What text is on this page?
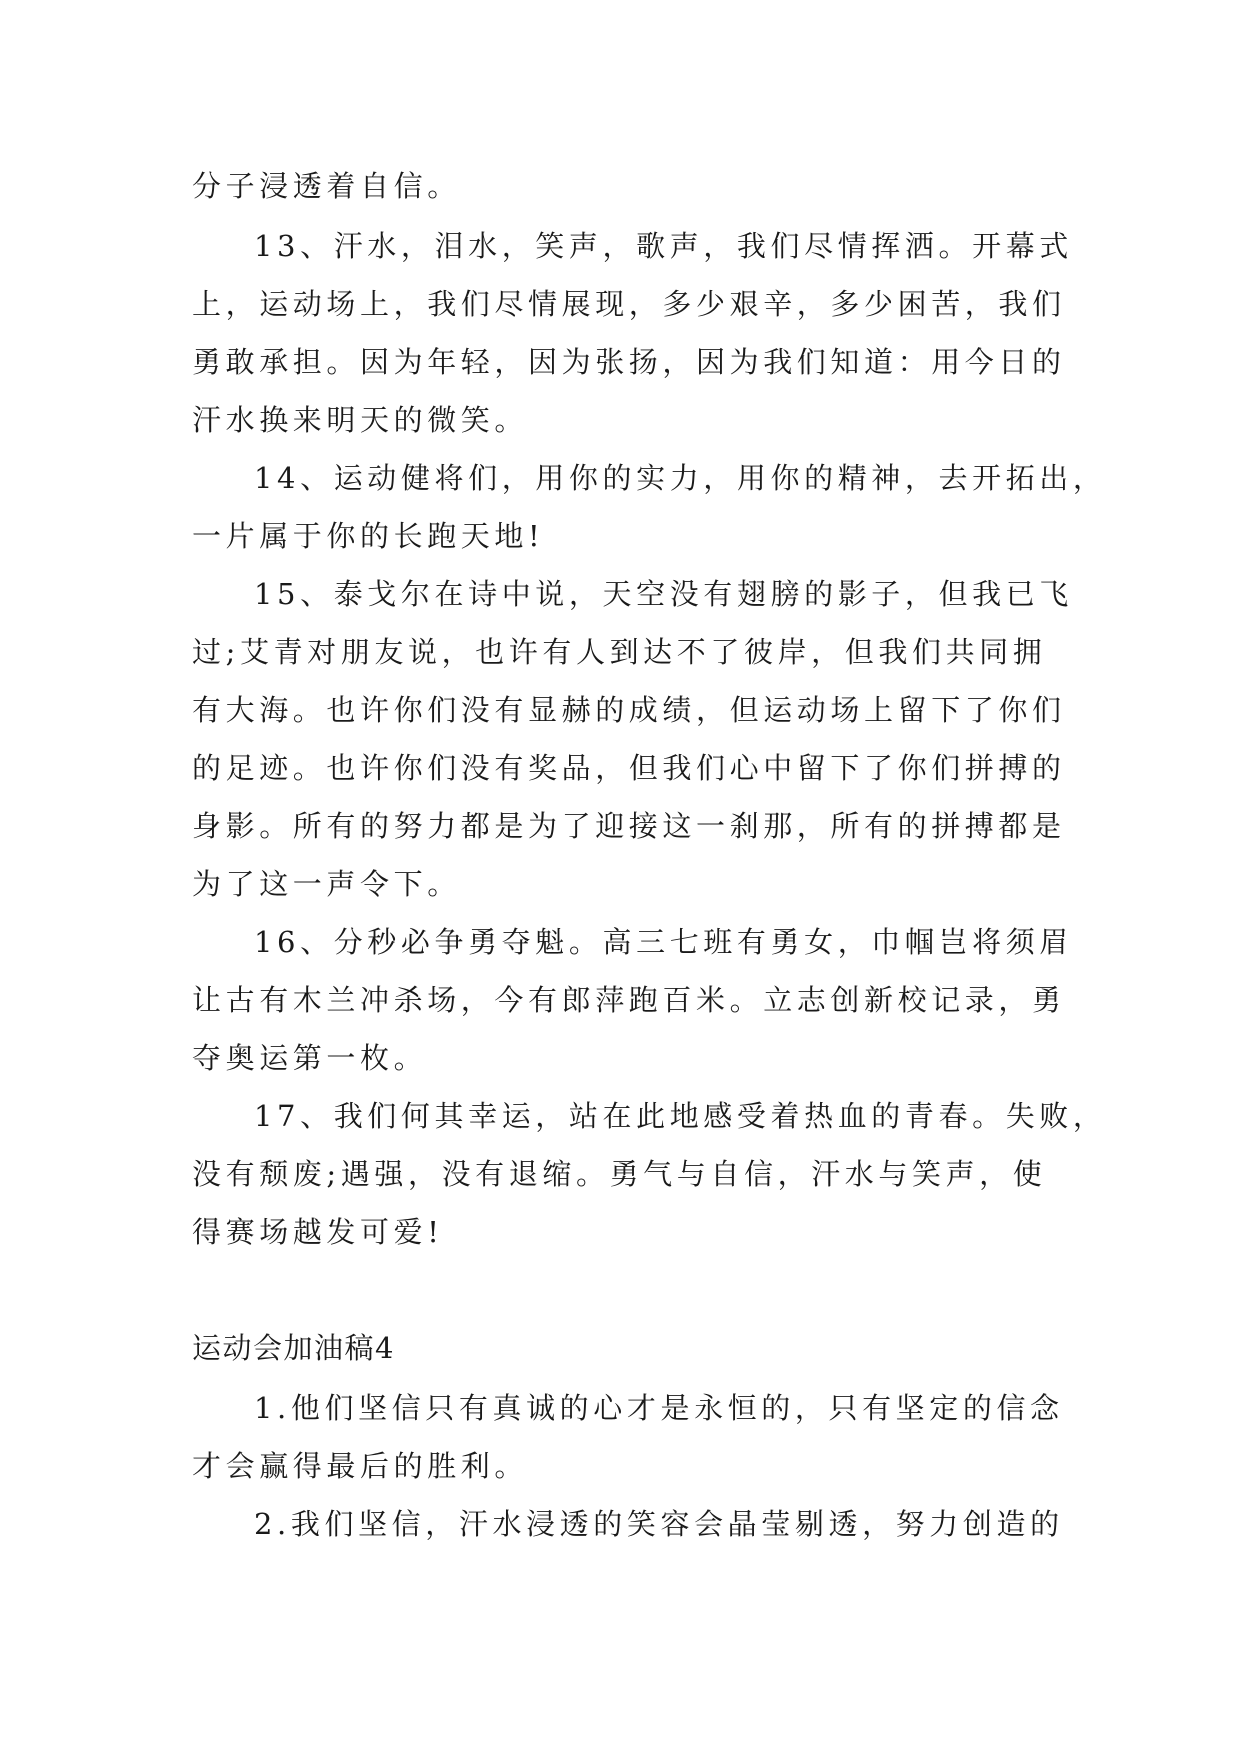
分子浸透着自信。
13、汗水，泪水，笑声，歌声，我们尽情挥洒。开幕式
上，运动场上，我们尽情展现，多少艰辛，多少困苦，我们
勇敢承担。因为年轻，因为张扬，因为我们知道：用今日的
汗水换来明天的微笑。
14、运动健将们，用你的实力，用你的精神，去开拓出，
一片属于你的长跑天地!
15、泰戈尔在诗中说，天空没有翅膀的影子，但我已飞
过;艾青对朋友说，也许有人到达不了彼岸，但我们共同拥
有大海。也许你们没有显赫的成绩，但运动场上留下了你们
的足迹。也许你们没有奖品，但我们心中留下了你们拼搏的
身影。所有的努力都是为了迎接这一刹那，所有的拼搏都是
为了这一声令下。
16、分秒必争勇夺魁。高三七班有勇女，巾帼岂将须眉
让古有木兰冲杀场，今有郎萍跑百米。立志创新校记录，勇
夺奥运第一枚。
17、我们何其幸运，站在此地感受着热血的青春。失败，
没有颓废;遇强，没有退缩。勇气与自信，汗水与笑声，使
得赛场越发可爱!
运动会加油稿4
1.他们坚信只有真诚的心才是永恒的，只有坚定的信念
才会赢得最后的胜利。
2.我们坚信，汗水浸透的笑容会晶莹剔透，努力创造的
